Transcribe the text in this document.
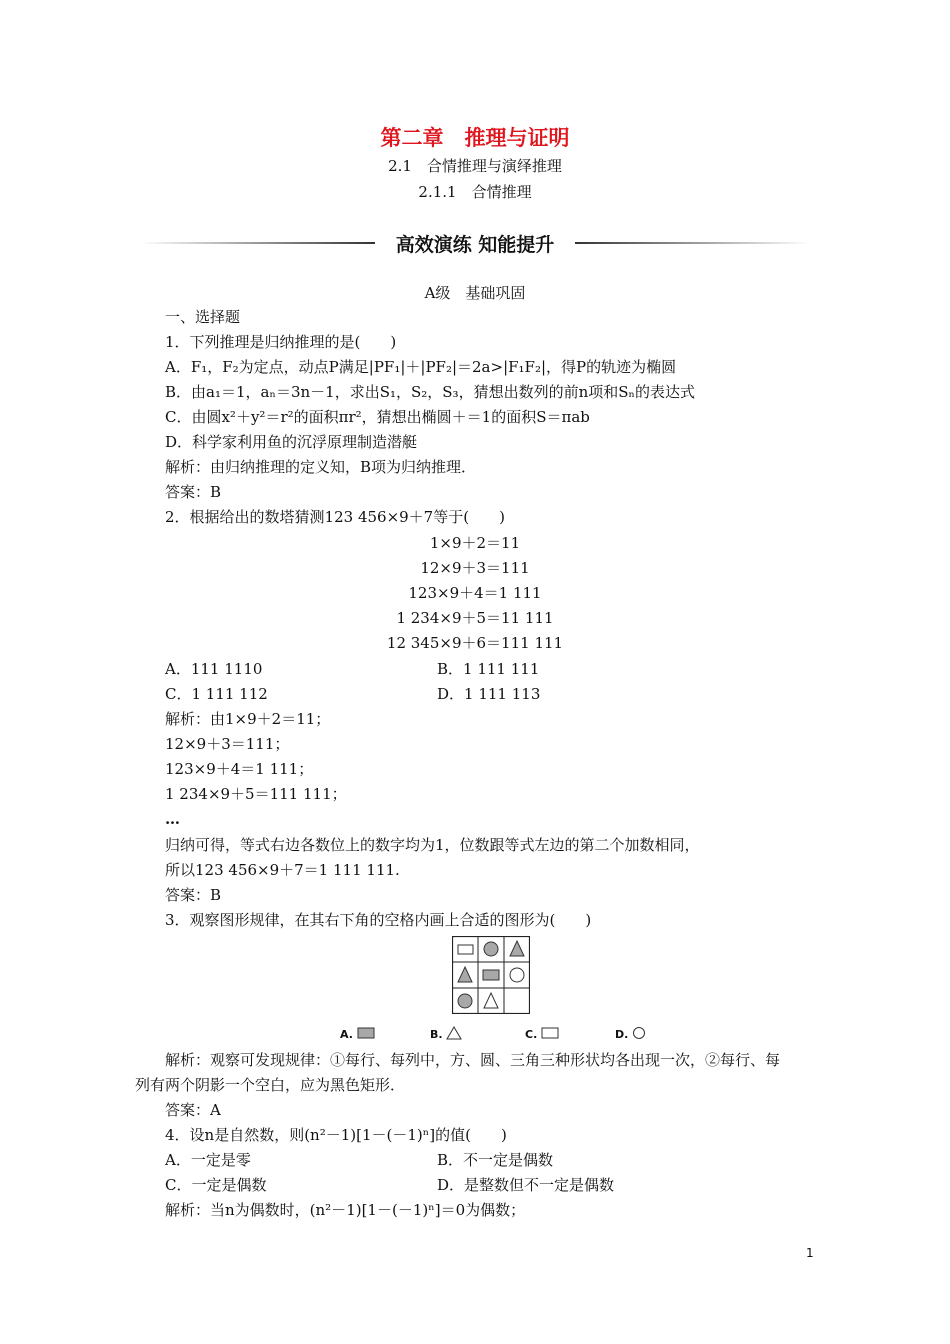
第二章　推理与证明
2.1　合情推理与演绎推理
2.1.1　合情推理
高效演练 知能提升
A级　基础巩固
一、选择题
1．下列推理是归纳推理的是(　　)
A．F₁，F₂为定点，动点P满足|PF₁|＋|PF₂|＝2a>|F₁F₂|，得P的轨迹为椭圆
B．由a₁＝1，aₙ＝3n－1，求出S₁，S₂，S₃，猜想出数列的前n项和Sₙ的表达式
C．由圆x²＋y²＝r²的面积πr²，猜想出椭圆＋＝1的面积S＝πab
D．科学家利用鱼的沉浮原理制造潜艇
解析：由归纳推理的定义知，B项为归纳推理．
答案：B
2．根据给出的数塔猜测123 456×9＋7等于(　　)
1×9＋2＝11
12×9＋3＝111
123×9＋4＝1 111
1 234×9＋5＝11 111
12 345×9＋6＝111 111
A．111 1110	B．1 111 111
C．1 111 112	D．1 111 113
解析：由1×9＋2＝11；
12×9＋3＝111；
123×9＋4＝1 111；
1 234×9＋5＝111 111；
…
归纳可得，等式右边各数位上的数字均为1，位数跟等式左边的第二个加数相同，
所以123 456×9＋7＝1 111 111.
答案：B
3．观察图形规律，在其右下角的空格内画上合适的图形为(　　)
A.	B.	C.	D.
解析：观察可发现规律：①每行、每列中，方、圆、三角三种形状均各出现一次，②每行、每
列有两个阴影一个空白，应为黑色矩形．
答案：A
4．设n是自然数，则(n²－1)[1－(－1)ⁿ]的值(　　)
A．一定是零	B．不一定是偶数
C．一定是偶数	D．是整数但不一定是偶数
解析：当n为偶数时，(n²－1)[1－(－1)ⁿ]＝0为偶数；
1
